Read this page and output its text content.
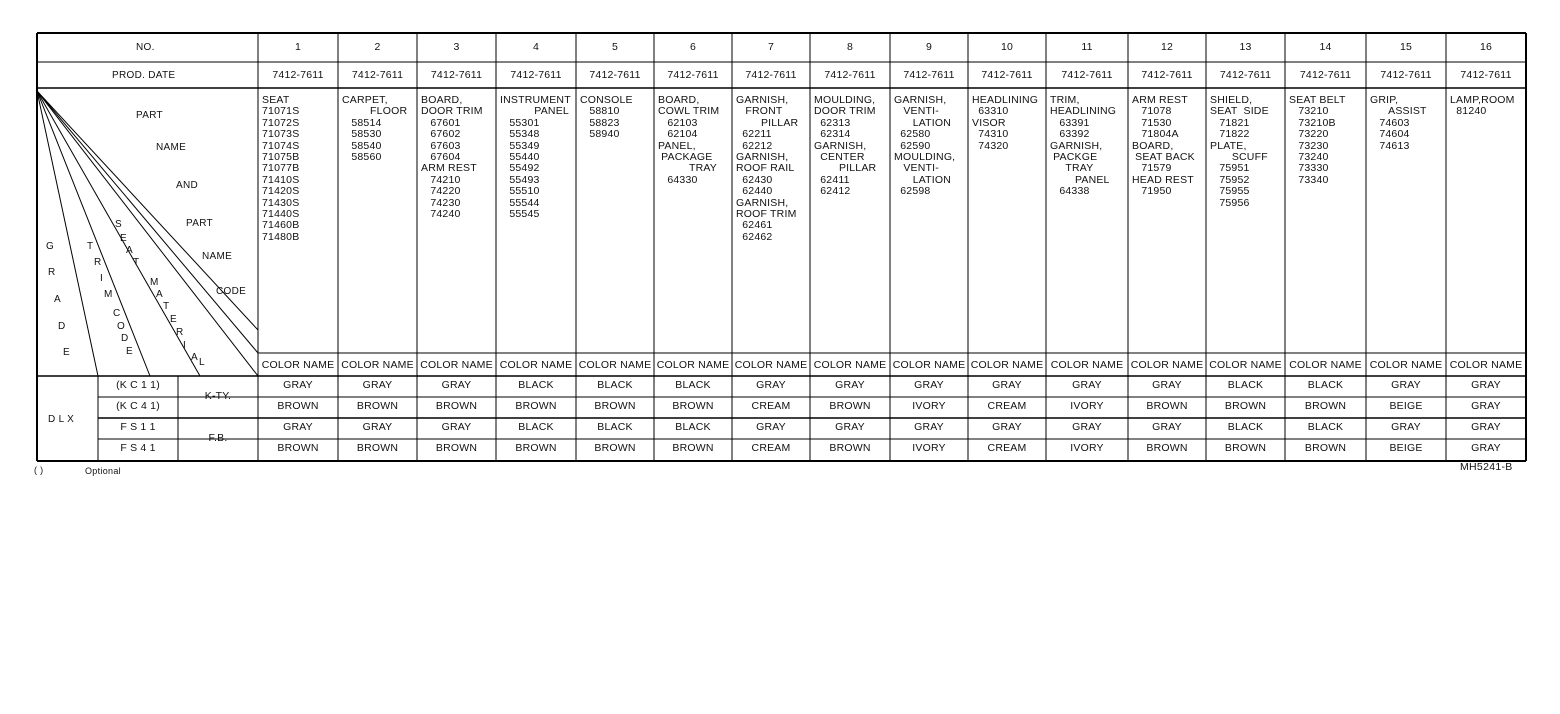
NO.
PROD. DATE
PART
NAME
AND
PART
NAME
CODE
G
R
A
D
E
T
R
I
M
S
E
A
T
C
O
D
E
M
A
T
E
R
I
A L
1
7412-7611
SEAT
71071S
71072S
71073S
71074S
71075B
71077B
71410S
71420S
71430S
71440S
71460B
71480B
COLOR NAME
GRAY
BROWN
GRAY
BROWN
2
7412-7611
CARPET,
FLOOR
58514
58530
58540
58560
COLOR NAME
GRAY
BROWN
GRAY
BROWN
3
7412-7611
BOARD,
DOOR TRIM
67601
67602
67603
67604
ARM REST
74210
74220
74230
74240
COLOR NAME
GRAY
BROWN
GRAY
BROWN
4
7412-7611
INSTRUMENT
PANEL
55301
55348
55349
55440
55492
55493
55510
55544
55545
COLOR NAME
BLACK
BROWN
BLACK
BROWN
5
7412-7611
CONSOLE
58810
58823
58940
COLOR NAME
BLACK
BROWN
BLACK
BROWN
6
7412-7611
BOARD,
COWL TRIM
62103
62104
PANEL,
PACKAGE
TRAY
64330
COLOR NAME
BLACK
BROWN
BLACK
BROWN
7
7412-7611
GARNISH,
FRONT
PILLAR
62211
62212
GARNISH,
ROOF RAIL
62430
62440
GARNISH,
ROOF TRIM
62461
62462
COLOR NAME
GRAY
CREAM
GRAY
CREAM
8
7412-7611
MOULDING,
DOOR TRIM
62313
62314
GARNISH,
CENTER
PILLAR
62411
62412
COLOR NAME
GRAY
BROWN
GRAY
BROWN
9
7412-7611
GARNISH,
VENTI-
LATION
62580
62590
MOULDING,
VENTI-
LATION
62598
COLOR NAME
GRAY
IVORY
GRAY
IVORY
10
7412-7611
HEADLINING
63310
VISOR
74310
74320
COLOR NAME
GRAY
CREAM
GRAY
CREAM
11
7412-7611
TRIM,
HEADLINING
63391
63392
GARNISH,
PACKGE
TRAY
PANEL
64338
COLOR NAME
GRAY
IVORY
GRAY
IVORY
12
7412-7611
ARM REST
71078
71530
71804A
BOARD,
SEAT BACK
71579
HEAD REST
71950
COLOR NAME
GRAY
BROWN
GRAY
BROWN
13
7412-7611
SHIELD,
SEAT  SIDE
71821
71822
PLATE,
SCUFF
75951
75952
75955
75956
COLOR NAME
BLACK
BROWN
BLACK
BROWN
14
7412-7611
SEAT BELT
73210
73210B
73220
73230
73240
73330
73340
COLOR NAME
BLACK
BROWN
BLACK
BROWN
15
7412-7611
GRIP,
ASSIST
74603
74604
74613
COLOR NAME
GRAY
BEIGE
GRAY
BEIGE
16
7412-7611
LAMP,ROOM
81240
COLOR NAME
GRAY
GRAY
GRAY
GRAY
(K C 1 1)
K-TY.
(K C 4 1)
F S 1 1
F.B.
F S 4 1
D L X
( )	Optional	MH5241-B
